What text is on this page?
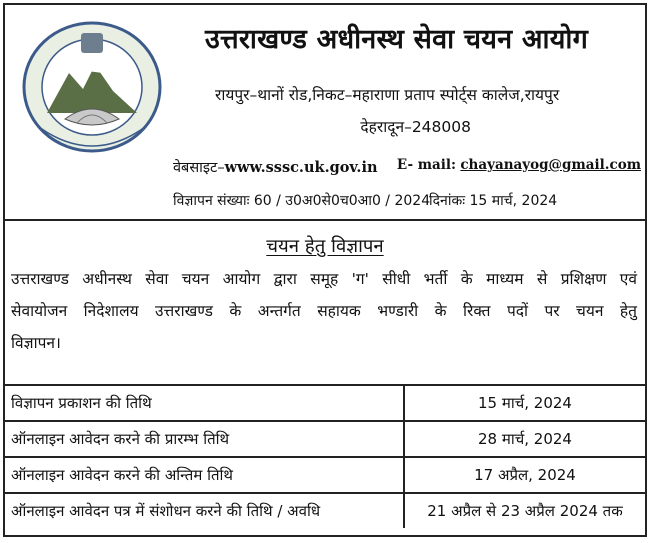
उत्तराखण्ड अधीनस्थ सेवा चयन आयोग
रायपुर–थानों रोड,निकट–महाराणा प्रताप स्पोर्ट्स कालेज,रायपुर
देहरादून–248008
वेबसाइट–www.sssc.uk.gov.in E- mail: chayanayog@gmail.com
विज्ञापन संख्याः 60 / उ0अ0से0च0आ0 / 2024
दिनांकः 15 मार्च, 2024
चयन हेतु विज्ञापन
उत्तराखण्ड अधीनस्थ सेवा चयन आयोग द्वारा समूह 'ग' सीधी भर्ती के माध्यम से प्रशिक्षण एवं
सेवायोजन निदेशालय उत्तराखण्ड के अन्तर्गत सहायक भण्डारी के रिक्त पदों पर चयन हेतु
विज्ञापन।
विज्ञापन प्रकाशन की तिथि	15 मार्च, 2024
ऑनलाइन आवेदन करने की प्रारम्भ तिथि	28 मार्च, 2024
ऑनलाइन आवेदन करने की अन्तिम तिथि	17 अप्रैल, 2024
ऑनलाइन आवेदन पत्र में संशोधन करने की तिथि / अवधि	21 अप्रैल से 23 अप्रैल 2024 तक
